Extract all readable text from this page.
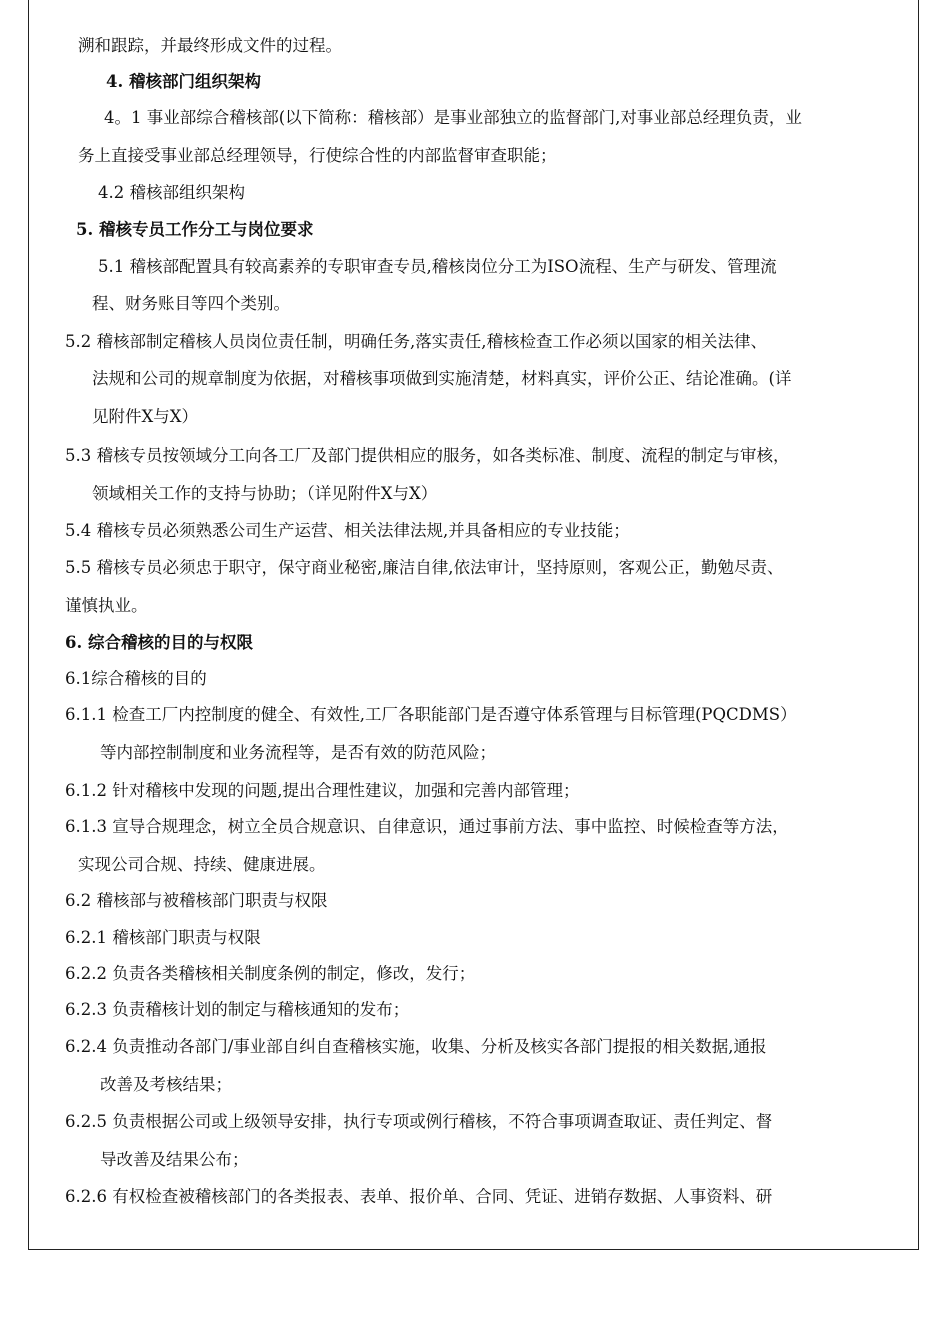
溯和跟踪，并最终形成文件的过程。
4. 稽核部门组织架构
4。1 事业部综合稽核部(以下简称：稽核部）是事业部独立的监督部门,对事业部总经理负责，业
务上直接受事业部总经理领导，行使综合性的内部监督审查职能；
4.2 稽核部组织架构
5. 稽核专员工作分工与岗位要求
5.1 稽核部配置具有较高素养的专职审查专员,稽核岗位分工为ISO流程、生产与研发、管理流
程、财务账目等四个类别。
5.2 稽核部制定稽核人员岗位责任制，明确任务,落实责任,稽核检查工作必须以国家的相关法律、
法规和公司的规章制度为依据，对稽核事项做到实施清楚，材料真实，评价公正、结论准确。(详
见附件X与X）
5.3 稽核专员按领域分工向各工厂及部门提供相应的服务，如各类标准、制度、流程的制定与审核，
领域相关工作的支持与协助；（详见附件X与X）
5.4 稽核专员必须熟悉公司生产运营、相关法律法规,并具备相应的专业技能；
5.5 稽核专员必须忠于职守，保守商业秘密,廉洁自律,依法审计，坚持原则，客观公正，勤勉尽责、
谨慎执业。
6. 综合稽核的目的与权限
6.1综合稽核的目的
6.1.1 检查工厂内控制度的健全、有效性,工厂各职能部门是否遵守体系管理与目标管理(PQCDMS）
等内部控制制度和业务流程等，是否有效的防范风险；
6.1.2 针对稽核中发现的问题,提出合理性建议，加强和完善内部管理；
6.1.3 宣导合规理念，树立全员合规意识、自律意识，通过事前方法、事中监控、时候检查等方法，
实现公司合规、持续、健康进展。
6.2 稽核部与被稽核部门职责与权限
6.2.1 稽核部门职责与权限
6.2.2 负责各类稽核相关制度条例的制定，修改，发行；
6.2.3 负责稽核计划的制定与稽核通知的发布；
6.2.4 负责推动各部门/事业部自纠自查稽核实施，收集、分析及核实各部门提报的相关数据,通报
改善及考核结果；
6.2.5 负责根据公司或上级领导安排，执行专项或例行稽核，不符合事项调查取证、责任判定、督
导改善及结果公布；
6.2.6 有权检查被稽核部门的各类报表、表单、报价单、合同、凭证、进销存数据、人事资料、研
